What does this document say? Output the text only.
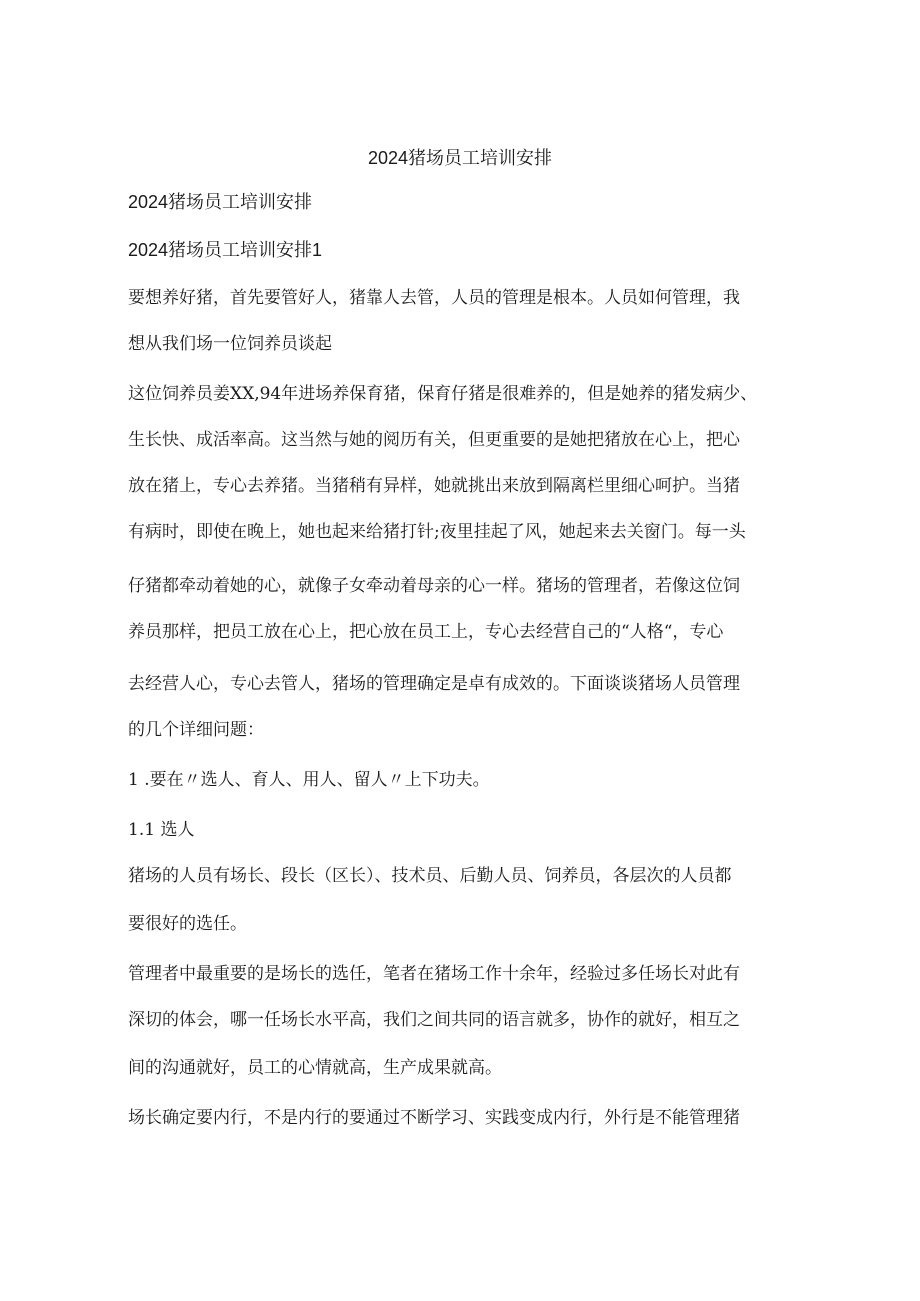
2024猪场员工培训安排
2024猪场员工培训安排
2024猪场员工培训安排1
要想养好猪，首先要管好人，猪靠人去管，人员的管理是根本。人员如何管理，我
想从我们场一位饲养员谈起
这位饲养员姜XX,94年进场养保育猪，保育仔猪是很难养的，但是她养的猪发病少、
生长快、成活率高。这当然与她的阅历有关，但更重要的是她把猪放在心上，把心
放在猪上，专心去养猪。当猪稍有异样，她就挑出来放到隔离栏里细心呵护。当猪
有病时，即使在晚上，她也起来给猪打针;夜里挂起了风，她起来去关窗门。每一头
仔猪都牵动着她的心，就像子女牵动着母亲的心一样。猪场的管理者，若像这位饲
养员那样，把员工放在心上，把心放在员工上，专心去经营自己的“人格“，专心
去经营人心，专心去管人，猪场的管理确定是卓有成效的。下面谈谈猪场人员管理
的几个详细问题：
1 .要在〃选人、育人、用人、留人〃上下功夫。
1.1 选人
猪场的人员有场长、段长（区长）、技术员、后勤人员、饲养员，各层次的人员都
要很好的选任。
管理者中最重要的是场长的选任，笔者在猪场工作十余年，经验过多任场长对此有
深切的体会，哪一任场长水平高，我们之间共同的语言就多，协作的就好，相互之
间的沟通就好，员工的心情就高，生产成果就高。
场长确定要内行，不是内行的要通过不断学习、实践变成内行，外行是不能管理猪
